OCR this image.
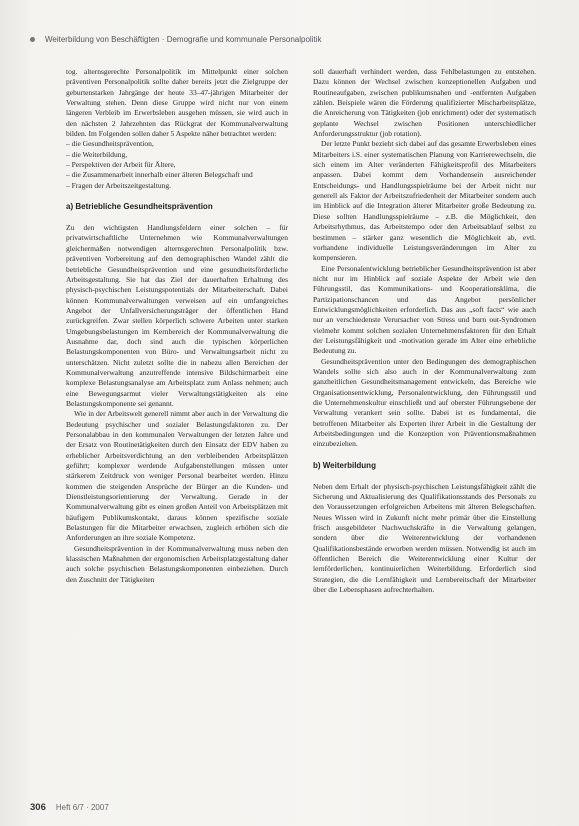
Weiterbildung von Beschäftigten · Demografie und kommunale Personalpolitik

tog. alternsgerechte Personalpolitik im Mittelpunkt einer solchen präventiven Personalpolitik sollte daher bereits jetzt die Zielgruppe der geburtenstarken Jahrgänge der heute 33–47-jährigen Mitarbeiter der Verwaltung stehen. Denn diese Gruppe wird nicht nur von einem längeren Verbleib im Erwerbsleben ausgehen müssen, sie wird auch in den nächsten 2 Jahrzehnten das Rückgrat der Kommunalverwaltung bilden. Im Folgenden sollen daher 5 Aspekte näher betrachtet werden:

– die Gesundheitsprävention,
– die Weiterbildung,
– Perspektiven der Arbeit für Ältere,
– die Zusammenarbeit innerhalb einer älteren Belegschaft und
– Fragen der Arbeitszeitgestaltung.
a) Betriebliche Gesundheitsprävention

Zu den wichtigsten Handlungsfeldern einer solchen – für privatwirtschaftliche Unternehmen wie Kommunalverwaltungen gleichermaßen notwendigen alternsgerechten Personalpolitik bzw. präventiven Vorbereitung auf den demographischen Wandel zählt die betriebliche Gesundheitsprävention und eine gesundheitsförderliche Arbeitsgestaltung. Sie hat das Ziel der dauerhaften Erhaltung des physisch-psychischen Leistungspotentials der Mitarbeiterschaft. Dabei können Kommunalverwaltungen verweisen auf ein umfangreiches Angebot der Unfallversicherungsträger der öffentlichen Hand zurückgreifen. Zwar stellen körperlich schwere Arbeiten unter starken Umgebungsbelastungen im Kernbereich der Kommunalverwaltung die Ausnahme dar, doch sind auch die typischen körperlichen Belastungskomponenten von Büro- und Verwaltungsarbeit nicht zu unterschätzen. Nicht zuletzt sollte die in nahezu allen Bereichen der Kommunalverwaltung anzutreffende intensive Bildschirmarbeit eine komplexe Belastungsanalyse am Arbeitsplatz zum Anlass nehmen; auch eine Bewegungsarmut vieler Verwaltungstätigkeiten als eine Belastungskomponente sei genannt.

Wie in der Arbeitswelt generell nimmt aber auch in der Verwaltung die Bedeutung psychischer und sozialer Belastungsfaktoren zu. Der Personalabbau in den kommunalen Verwaltungen der letzten Jahre und der Ersatz von Routinetätigkeiten durch den Einsatz der EDV haben zu erheblicher Arbeitsverdichtung an den verbleibenden Arbeitsplätzen geführt; komplexer werdende Aufgabenstellungen müssen unter stärkerem Zeitdruck von weniger Personal bearbeitet werden. Hinzu kommen die steigenden Ansprüche der Bürger an die Kunden- und Dienstleistungsorientierung der Verwaltung. Gerade in der Kommunalverwaltung gibt es einen großen Anteil von Arbeitsplätzen mit häufigem Publikumskontakt, daraus können spezifische soziale Belastungen für die Mitarbeiter erwachsen, zugleich erhöhen sich die Anforderungen an ihre soziale Kompetenz.

Gesundheitsprävention in der Kommunalverwaltung muss neben den klassischen Maßnahmen der ergonomischen Arbeitsplatzgestaltung daher auch solche psychischen Belastungskomponenten einbeziehen. Durch den Zuschnitt der Tätigkeiten

soll dauerhaft verhindert werden, dass Fehlbelastungen zu entstehen. Dazu können der Wechsel zwischen konzeptionellen Aufgaben und Routineaufgaben, zwischen publikumsnahen und -entfernten Aufgaben zählen. Beispiele wären die Förderung qualifizierter Mischarbeitsplätze, die Anreicherung von Tätigkeiten (job enrichment) oder der systematisch geplante Wechsel zwischen Positionen unterschiedlicher Anforderungsstruktur (job rotation).

Der letzte Punkt bezieht sich dabei auf das gesamte Erwerbsleben eines Mitarbeiters i.S. einer systematischen Planung von Karrierewechseln, die sich einem im Alter veränderten Fähigkeitsprofil des Mitarbeiters anpassen. Dabei kommt dem Vorhandensein ausreichender Entscheidungs- und Handlungsspielräume bei der Arbeit nicht nur generell als Faktor der Arbeitszufriedenheit der Mitarbeiter sondern auch im Hinblick auf die Integration älterer Mitarbeiter große Bedeutung zu. Diese sollten Handlungsspielräume – z.B. die Möglichkeit, den Arbeitsrhythmus, das Arbeitstempo oder den Arbeitsablauf selbst zu bestimmen – stärker ganz wesentlich die Möglichkeit ab, evtl. vorhandene individuelle Leistungsveränderungen im Alter zu kompensieren.

Eine Personalentwicklung betrieblicher Gesundheitsprävention ist aber nicht nur im Hinblick auf soziale Aspekte der Arbeit wie den Führungsstil, das Kommunikations- und Kooperationsklima, die Partizipationschancen und das Angebot persönlicher Entwicklungsmöglichkeiten erforderlich. Das aus „soft facts“ wie auch nur an verschiedenste Verursacher von Stress und burn out-Syndromen vielmehr kommt solchen sozialen Unternehmensfaktoren für den Erhalt der Leistungsfähigkeit und -motivation gerade im Alter eine erhebliche Bedeutung zu.

Gesundheitsprävention unter den Bedingungen des demographischen Wandels sollte sich also auch in der Kommunalverwaltung zum ganzheitlichen Gesundheitsmanagement entwickeln, das Bereiche wie Organisationsentwicklung, Personalentwicklung, den Führungsstil und die Unternehmenskultur einschließt und auf oberster Führungsebene der Verwaltung verankert sein sollte. Dabei ist es fundamental, die betroffenen Mitarbeiter als Experten ihrer Arbeit in die Gestaltung der Arbeitsbedingungen und die Konzeption von Präventionsmaßnahmen einzubeziehen.

b) Weiterbildung

Neben dem Erhalt der physisch-psychischen Leistungsfähigkeit zählt die Sicherung und Aktualisierung des Qualifikationsstands des Personals zu den Voraussetzungen erfolgreichen Arbeitens mit älteren Belegschaften. Neues Wissen wird in Zukunft nicht mehr primär über die Einstellung frisch ausgebildeter Nachwuchskräfte in die Verwaltung gelangen, sondern über die Weiterentwicklung der vorhandenen Qualifikationsbestände erworben werden müssen. Notwendig ist auch im öffentlichen Bereich die Weiterentwicklung einer Kultur der lernförderlichen, kontinuierlichen Weiterbildung. Erforderlich sind Strategien, die die Lernfähigkeit und Lernbereitschaft der Mitarbeiter über die Lebensphasen aufrechterhalten.

306 Heft 6/7 · 2007
